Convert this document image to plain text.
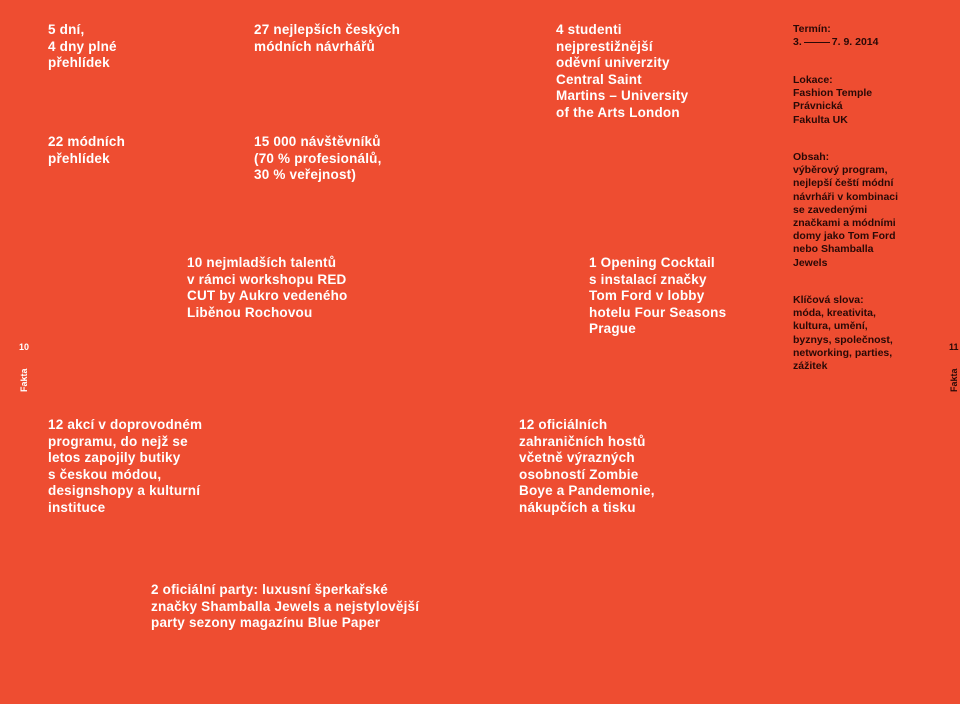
5 dní,
4 dny plné
přehlídek

27 nejlepších českých
módních návrhářů

4 studenti
nejprestižnější
oděvní univerzity
Central Saint
Martins – University
of the Arts London

22 módních
přehlídek

15 000 návštěvníků
(70 % profesionálů,
30 % veřejnost)

10 nejmladších talentů
v rámci workshopu RED
CUT by Aukro vedeného
Liběnou Rochovou

1 Opening Cocktail
s instalací značky
Tom Ford v lobby
hotelu Four Seasons
Prague

12 akcí v doprovodném
programu, do nejž se
letos zapojily butiky
s českou módou,
designshopy a kulturní
instituce

12 oficiálních
zahraničních hostů
včetně výrazných
osobností Zombie
Boye a Pandemonie,
nákupčích a tisku

2 oficiální party: luxusní šperkařské
značky Shamballa Jewels a nejstylovější
party sezony magazínu Blue Paper

10
Fakta
Termín:
3.	7. 9. 2014

Lokace:
Fashion Temple
Právnická
Fakulta UK

Obsah:
výběrový program,
nejlepší čeští módní
návrháři v kombinaci
se zavedenými
značkami a módními
domy jako Tom Ford
nebo Shamballa
Jewels

Klíčová slova:
móda, kreativita,
kultura, umění,
byznys, společnost,
networking, parties,
zážitek

11
Fakta
